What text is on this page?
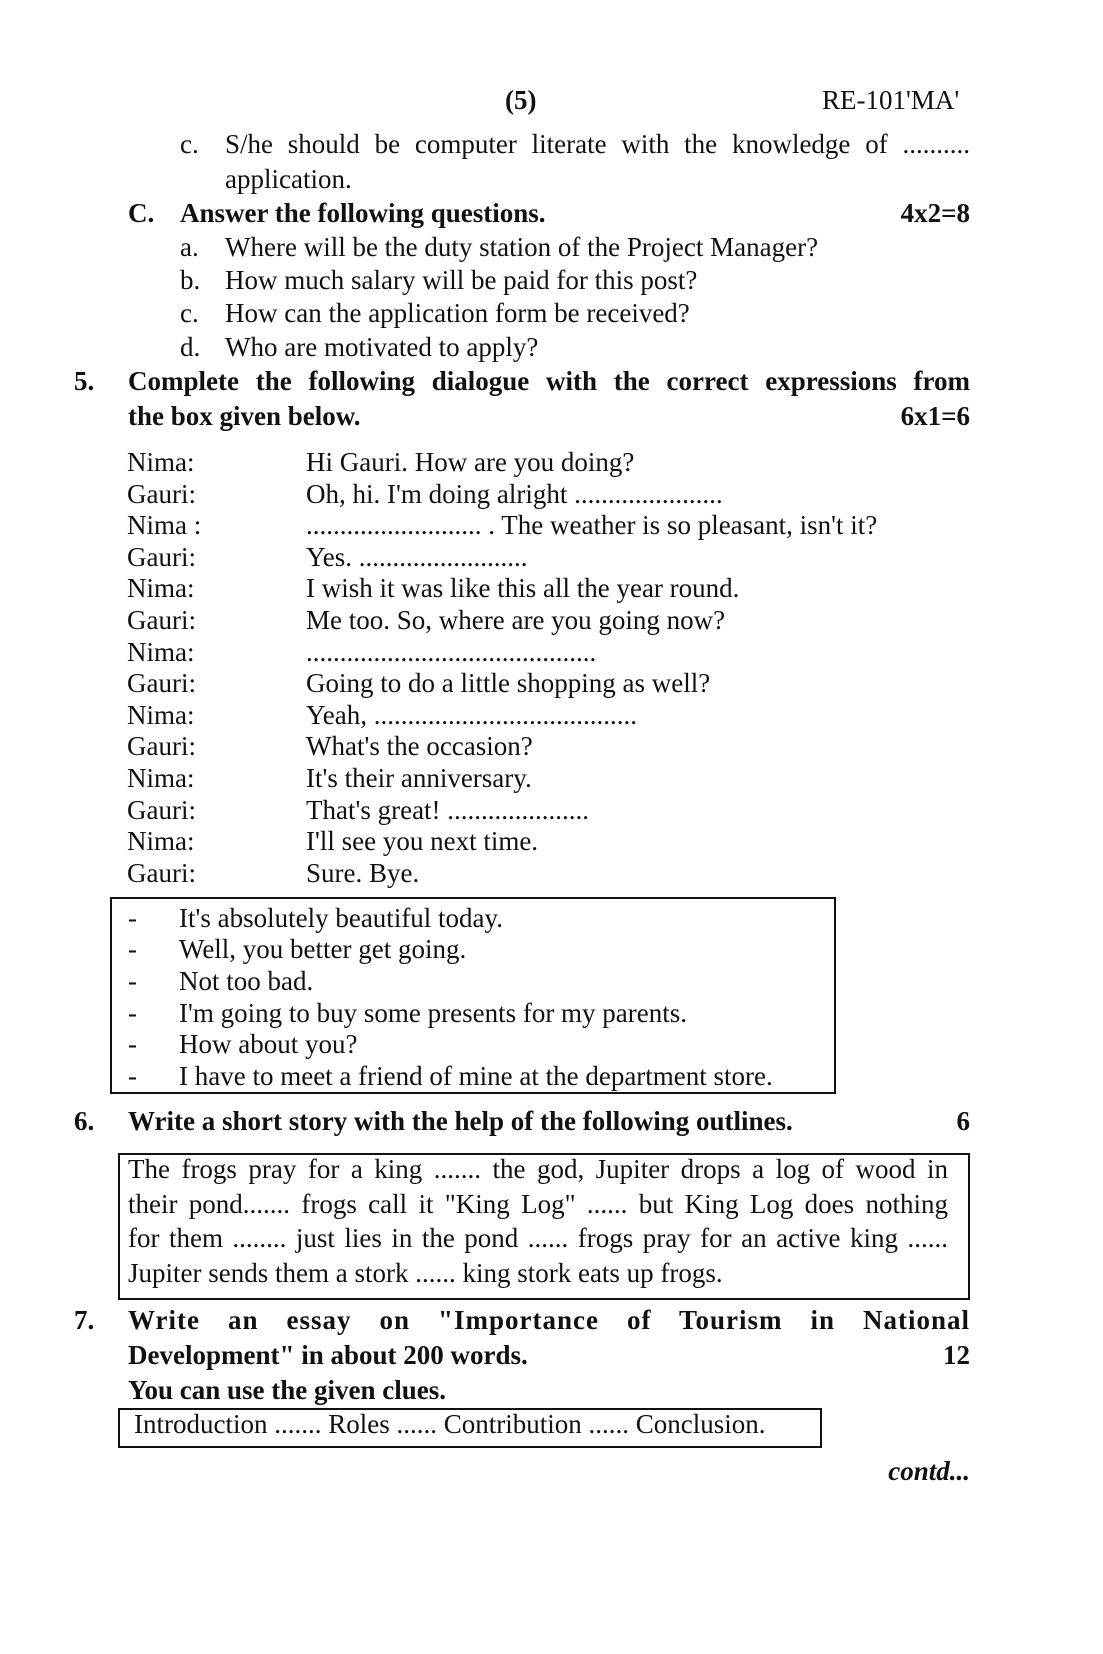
(5)	RE-101'MA'
c. S/he should be computer literate with the knowledge of ..........
application.
C. Answer the following questions.	4x2=8
a. Where will be the duty station of the Project Manager?
b. How much salary will be paid for this post?
c. How can the application form be received?
d. Who are motivated to apply?
5. Complete the following dialogue with the correct expressions from
the box given below.	6x1=6
Nima:	Hi Gauri. How are you doing?
Gauri:	Oh, hi. I'm doing alright ......................
Nima :	.......................... . The weather is so pleasant, isn't it?
Gauri:	Yes. .........................
Nima:	I wish it was like this all the year round.
Gauri:	Me too. So, where are you going now?
Nima:	...........................................
Gauri:	Going to do a little shopping as well?
Nima:	Yeah, .......................................
Gauri:	What's the occasion?
Nima:	It's their anniversary.
Gauri:	That's great! .....................
Nima:	I'll see you next time.
Gauri:	Sure. Bye.
- It's absolutely beautiful today.
- Well, you better get going.
- Not too bad.
- I'm going to buy some presents for my parents.
- How about you?
- I have to meet a friend of mine at the department store.
6. Write a short story with the help of the following outlines.	6
The frogs pray for a king ....... the god, Jupiter drops a log of wood in
their pond....... frogs call it "King Log" ...... but King Log does nothing
for them ........ just lies in the pond ...... frogs pray for an active king ......
Jupiter sends them a stork ...... king stork eats up frogs.
7. Write an essay on "Importance of Tourism in National
Development" in about 200 words.	12
You can use the given clues.
Introduction ....... Roles ...... Contribution ...... Conclusion.
contd...
